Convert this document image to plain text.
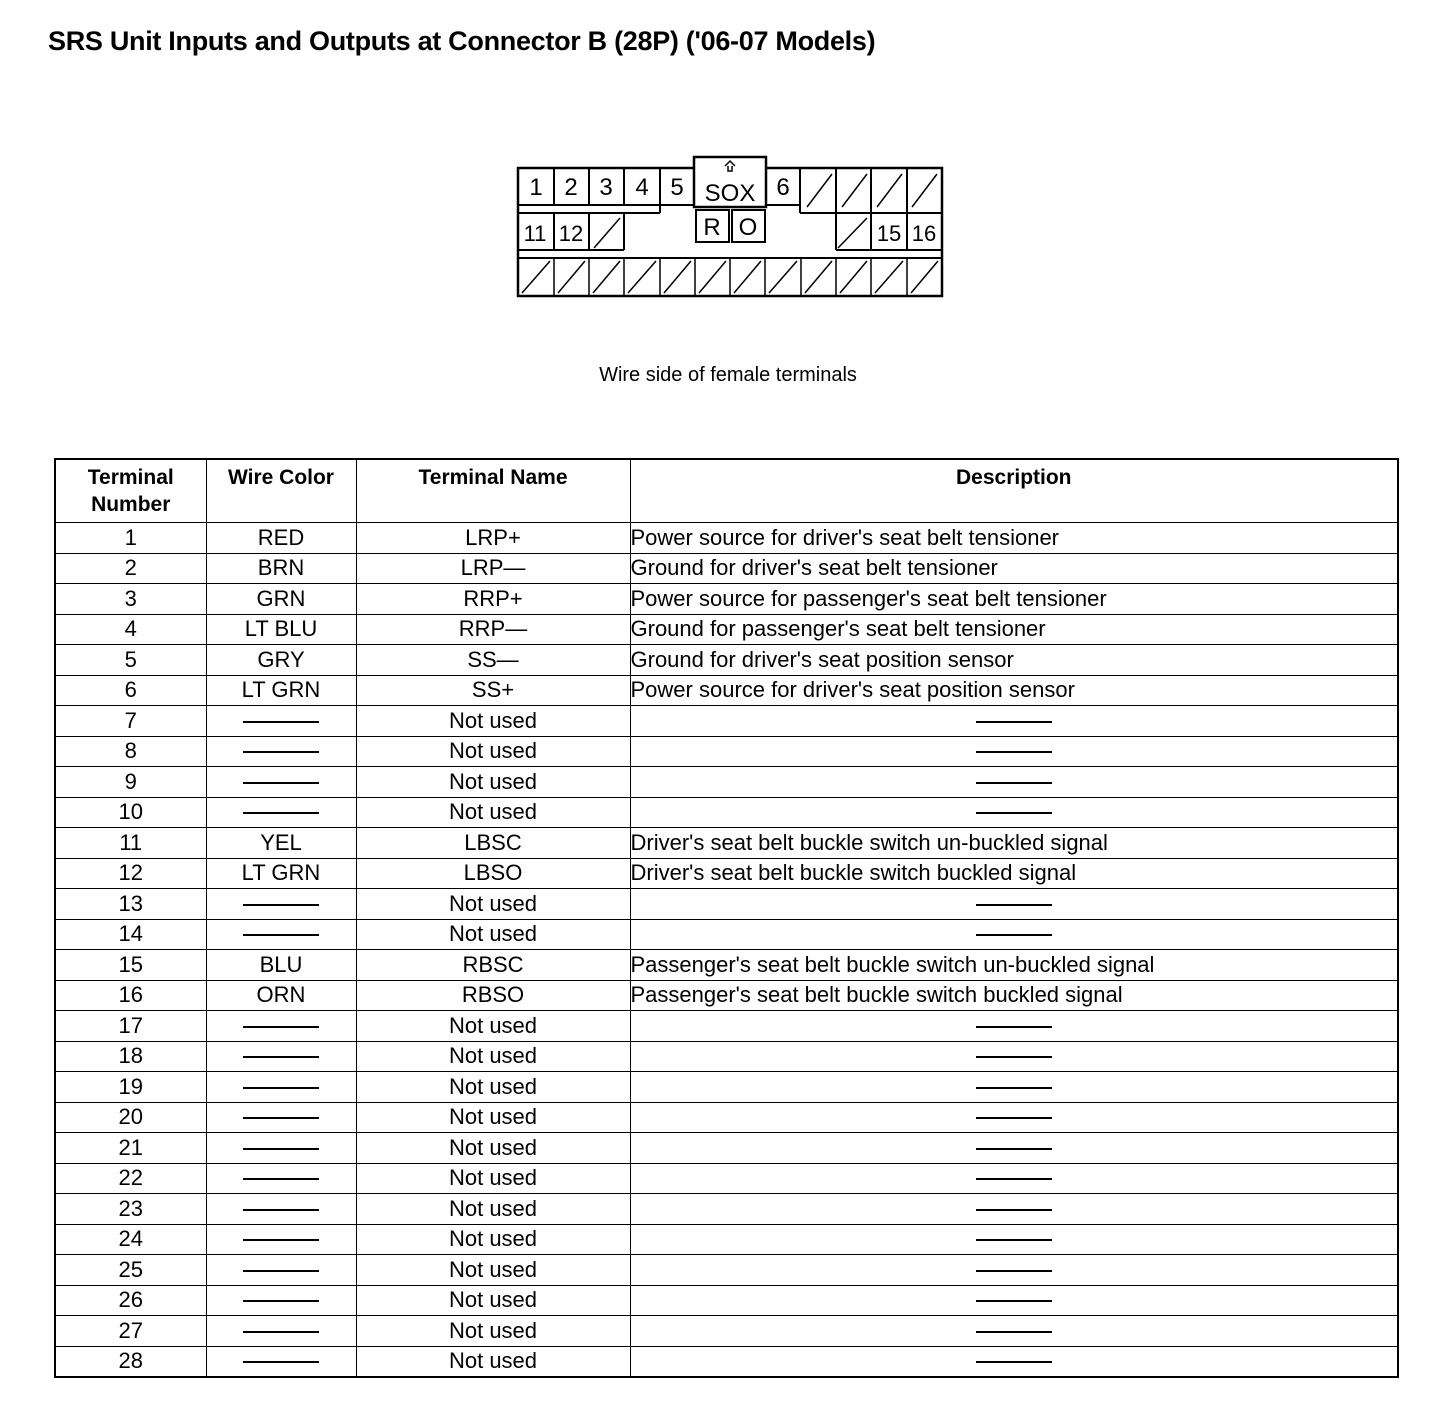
SRS Unit Inputs and Outputs at Connector B (28P) ('06-07 Models)
1 2 3 4 5 SOX 6
11 12	R O	15 16
Wire side of female terminals
Terminal Number	Wire Color	Terminal Name	Description
1	RED	LRP+	Power source for driver's seat belt tensioner
2	BRN	LRP—	Ground for driver's seat belt tensioner
3	GRN	RRP+	Power source for passenger's seat belt tensioner
4	LT BLU	RRP—	Ground for passenger's seat belt tensioner
5	GRY	SS—	Ground for driver's seat position sensor
6	LT GRN	SS+	Power source for driver's seat position sensor
7		Not used	
8		Not used	
9		Not used	
10		Not used	
11	YEL	LBSC	Driver's seat belt buckle switch un-buckled signal
12	LT GRN	LBSO	Driver's seat belt buckle switch buckled signal
13		Not used	
14		Not used	
15	BLU	RBSC	Passenger's seat belt buckle switch un-buckled signal
16	ORN	RBSO	Passenger's seat belt buckle switch buckled signal
17		Not used	
18		Not used	
19		Not used	
20		Not used	
21		Not used	
22		Not used	
23		Not used	
24		Not used	
25		Not used	
26		Not used	
27		Not used	
28		Not used	
